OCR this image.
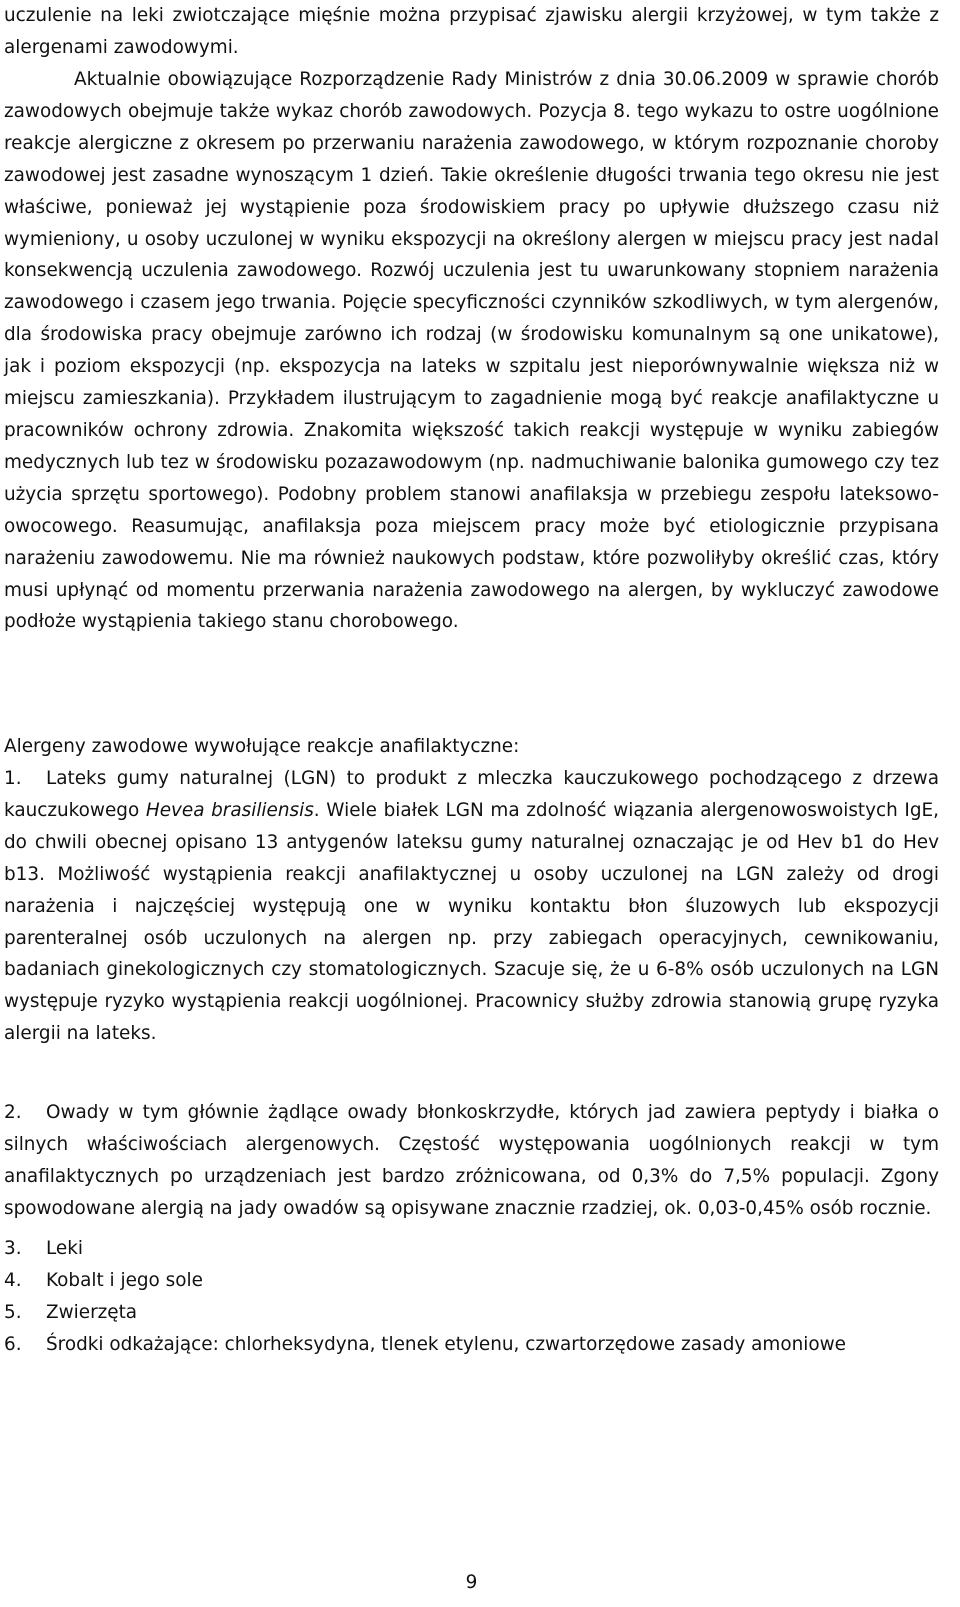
uczulenie na leki zwiotczające mięśnie można przypisać zjawisku alergii krzyżowej, w tym także z alergenami zawodowymi.

Aktualnie obowiązujące Rozporządzenie Rady Ministrów z dnia 30.06.2009 w sprawie chorób zawodowych obejmuje także wykaz chorób zawodowych. Pozycja 8. tego wykazu to ostre uogólnione reakcje alergiczne z okresem po przerwaniu narażenia zawodowego, w którym rozpoznanie choroby zawodowej jest zasadne wynoszącym 1 dzień. Takie określenie długości trwania tego okresu nie jest właściwe, ponieważ jej wystąpienie poza środowiskiem pracy po upływie dłuższego czasu niż wymieniony, u osoby uczulonej w wyniku ekspozycji na określony alergen w miejscu pracy jest nadal konsekwencją uczulenia zawodowego. Rozwój uczulenia jest tu uwarunkowany stopniem narażenia zawodowego i czasem jego trwania. Pojęcie specyficzności czynników szkodliwych, w tym alergenów, dla środowiska pracy obejmuje zarówno ich rodzaj (w środowisku komunalnym są one unikatowe), jak i poziom ekspozycji (np. ekspozycja na lateks w szpitalu jest nieporównywalnie większa niż w miejscu zamieszkania). Przykładem ilustrującym to zagadnienie mogą być reakcje anafilaktyczne u pracowników ochrony zdrowia. Znakomita większość takich reakcji występuje w wyniku zabiegów medycznych lub tez w środowisku pozazawodowym (np. nadmuchiwanie balonika gumowego czy tez użycia sprzętu sportowego). Podobny problem stanowi anafilaksja w przebiegu zespołu lateksowo-owocowego. Reasumując, anafilaksja poza miejscem pracy może być etiologicznie przypisana narażeniu zawodowemu. Nie ma również naukowych podstaw, które pozwoliłyby określić czas, który musi upłynąć od momentu przerwania narażenia zawodowego na alergen, by wykluczyć zawodowe podłoże wystąpienia takiego stanu chorobowego.

Alergeny zawodowe wywołujące reakcje anafilaktyczne:

1. Lateks gumy naturalnej (LGN) to produkt z mleczka kauczukowego pochodzącego z drzewa kauczukowego Hevea brasiliensis. Wiele białek LGN ma zdolność wiązania alergenowoswoistych IgE, do chwili obecnej opisano 13 antygenów lateksu gumy naturalnej oznaczając je od Hev b1 do Hev b13. Możliwość wystąpienia reakcji anafilaktycznej u osoby uczulonej na LGN zależy od drogi narażenia i najczęściej występują one w wyniku kontaktu błon śluzowych lub ekspozycji parenteralnej osób uczulonych na alergen np. przy zabiegach operacyjnych, cewnikowaniu, badaniach ginekologicznych czy stomatologicznych. Szacuje się, że u 6-8% osób uczulonych na LGN występuje ryzyko wystąpienia reakcji uogólnionej. Pracownicy służby zdrowia stanowią grupę ryzyka alergii na lateks.

2. Owady w tym głównie żądlące owady błonkoskrzydłe, których jad zawiera peptydy i białka o silnych właściwościach alergenowych. Częstość występowania uogólnionych reakcji w tym anafilaktycznych po urządzeniach jest bardzo zróżnicowana, od 0,3% do 7,5% populacji. Zgony spowodowane alergią na jady owadów są opisywane znacznie rzadziej, ok. 0,03-0,45% osób rocznie.

3. Leki
4. Kobalt i jego sole
5. Zwierzęta
6. Środki odkażające: chlorheksydyna, tlenek etylenu, czwartorzędowe zasady amoniowe
9
